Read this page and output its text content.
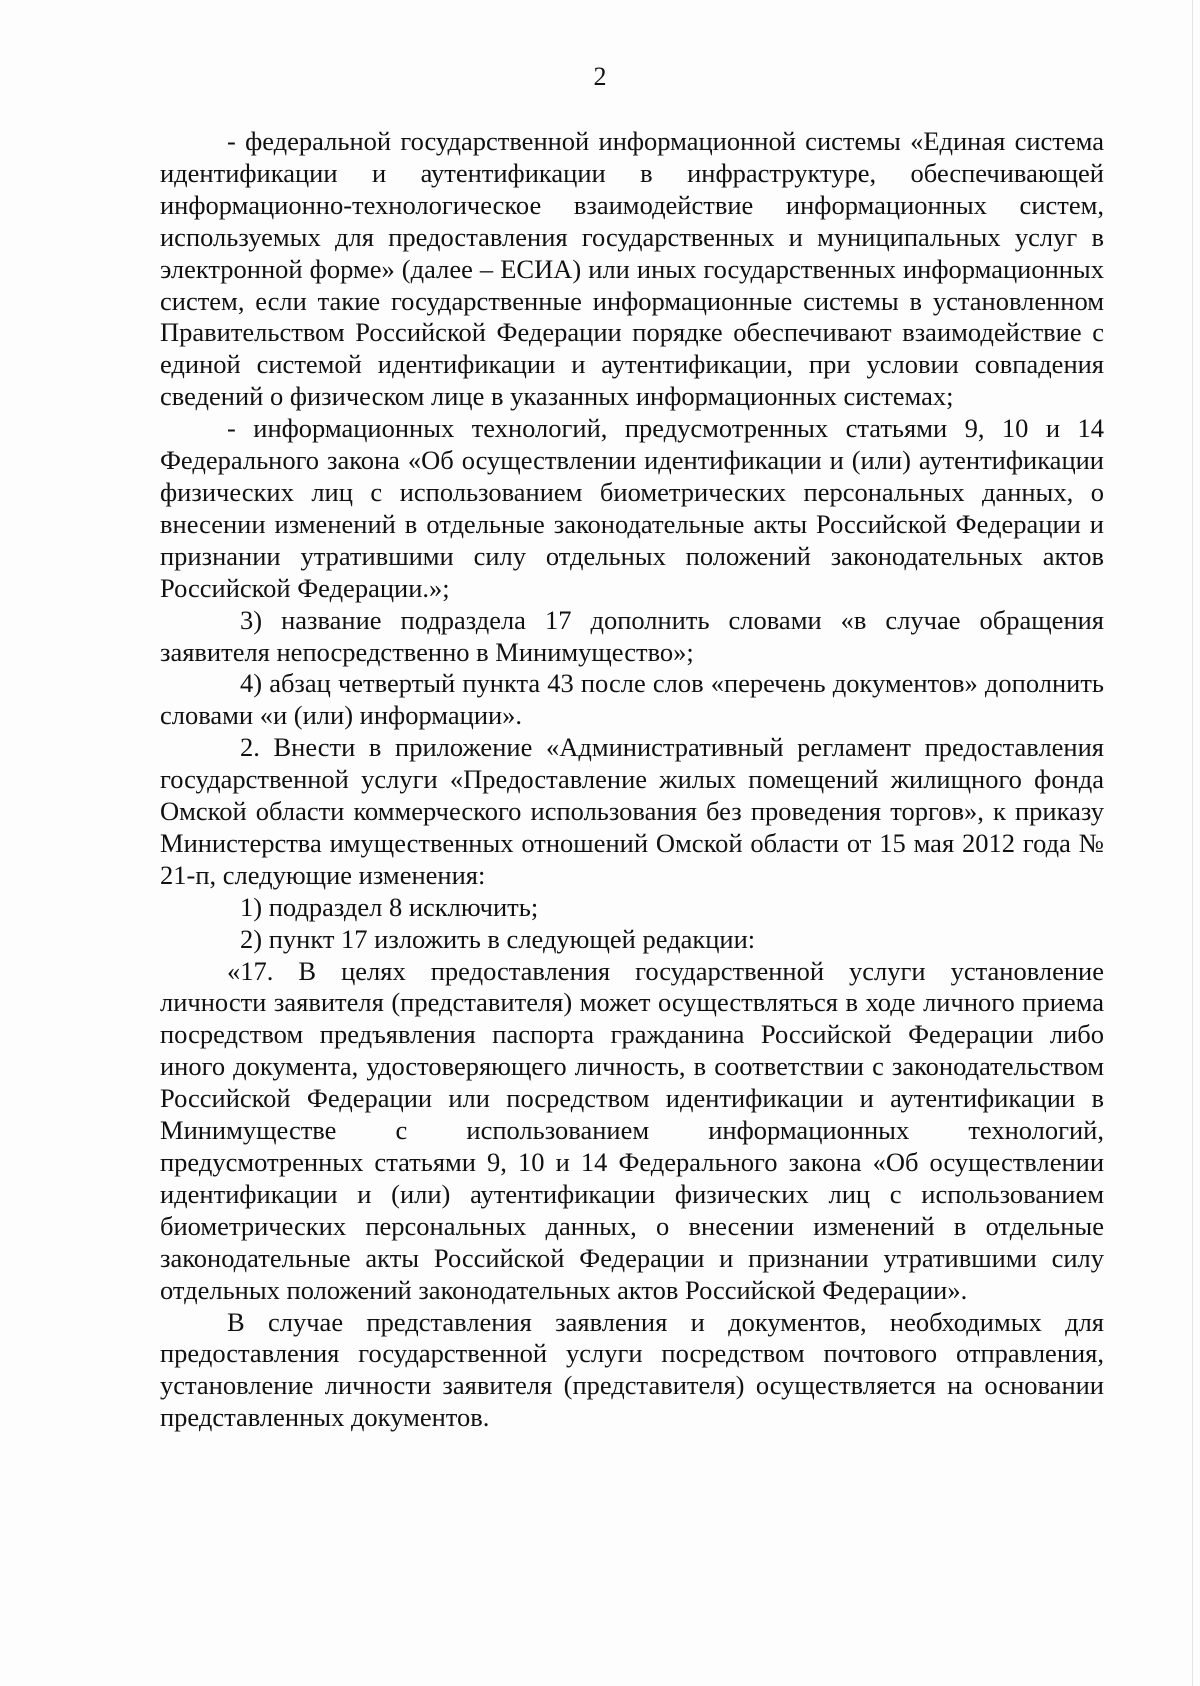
2

- федеральной государственной информационной системы «Единая система идентификации и аутентификации в инфраструктуре, обеспечивающей информационно-технологическое взаимодействие информационных систем, используемых для предоставления государственных и муниципальных услуг в электронной форме» (далее – ЕСИА) или иных государственных информационных систем, если такие государственные информационные системы в установленном Правительством Российской Федерации порядке обеспечивают взаимодействие с единой системой идентификации и аутентификации, при условии совпадения сведений о физическом лице в указанных информационных системах;

- информационных технологий, предусмотренных статьями 9, 10 и 14 Федерального закона «Об осуществлении идентификации и (или) аутентификации физических лиц с использованием биометрических персональных данных, о внесении изменений в отдельные законодательные акты Российской Федерации и признании утратившими силу отдельных положений законодательных актов Российской Федерации.»;

3) название подраздела 17 дополнить словами «в случае обращения заявителя непосредственно в Минимущество»;

4) абзац четвертый пункта 43 после слов «перечень документов» дополнить словами «и (или) информации».

2. Внести в приложение «Административный регламент предоставления государственной услуги «Предоставление жилых помещений жилищного фонда Омской области коммерческого использования без проведения торгов», к приказу Министерства имущественных отношений Омской области от 15 мая 2012 года № 21-п, следующие изменения:

1) подраздел 8 исключить;

2) пункт 17 изложить в следующей редакции:

«17. В целях предоставления государственной услуги установление личности заявителя (представителя) может осуществляться в ходе личного приема посредством предъявления паспорта гражданина Российской Федерации либо иного документа, удостоверяющего личность, в соответствии с законодательством Российской Федерации или посредством идентификации и аутентификации в Минимуществе с использованием информационных технологий, предусмотренных статьями 9, 10 и 14 Федерального закона «Об осуществлении идентификации и (или) аутентификации физических лиц с использованием биометрических персональных данных, о внесении изменений в отдельные законодательные акты Российской Федерации и признании утратившими силу отдельных положений законодательных актов Российской Федерации».

В случае представления заявления и документов, необходимых для предоставления государственной услуги посредством почтового отправления, установление личности заявителя (представителя) осуществляется на основании представленных документов.
